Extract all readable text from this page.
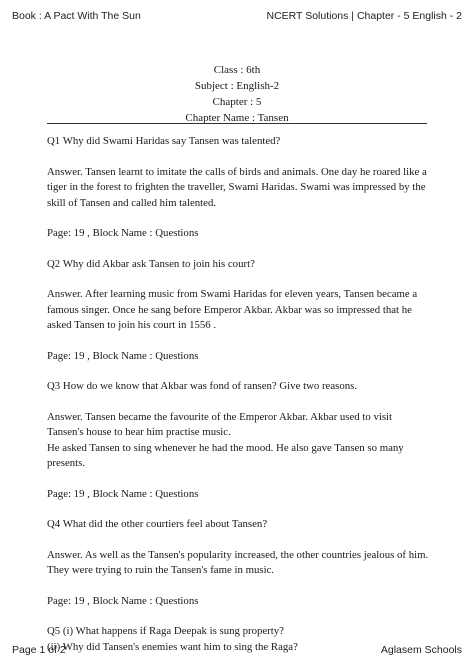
Book : A Pact With The Sun	NCERT Solutions | Chapter - 5 English - 2
Class : 6th
Subject : English-2
Chapter : 5
Chapter Name : Tansen

Q1 Why did Swami Haridas say Tansen was talented?

Answer. Tansen learnt to imitate the calls of birds and animals. One day he roared like a tiger in the forest to frighten the traveller, Swami Haridas. Swami was impressed by the skill of Tansen and called him talented.

Page: 19 , Block Name : Questions

Q2 Why did Akbar ask Tansen to join his court?

Answer. After learning music from Swami Haridas for eleven years, Tansen became a famous singer. Once he sang before Emperor Akbar. Akbar was so impressed that he asked Tansen to join his court in 1556 .

Page: 19 , Block Name : Questions

Q3 How do we know that Akbar was fond of ransen? Give two reasons.

Answer. Tansen became the favourite of the Emperor Akbar. Akbar used to visit Tansen's house to hear him practise music.

He asked Tansen to sing whenever he had the mood. He also gave Tansen so many presents.

Page: 19 , Block Name : Questions

Q4 What did the other courtiers feel about Tansen?

Answer. As well as the Tansen's popularity increased, the other countries jealous of him. They were trying to ruin the Tansen's fame in music.

Page: 19 , Block Name : Questions

Q5 (i) What happens if Raga Deepak is sung property?

(ii) Why did Tansen's enemies want him to sing the Raga?

Page 1 of 2	Aglasem Schools
